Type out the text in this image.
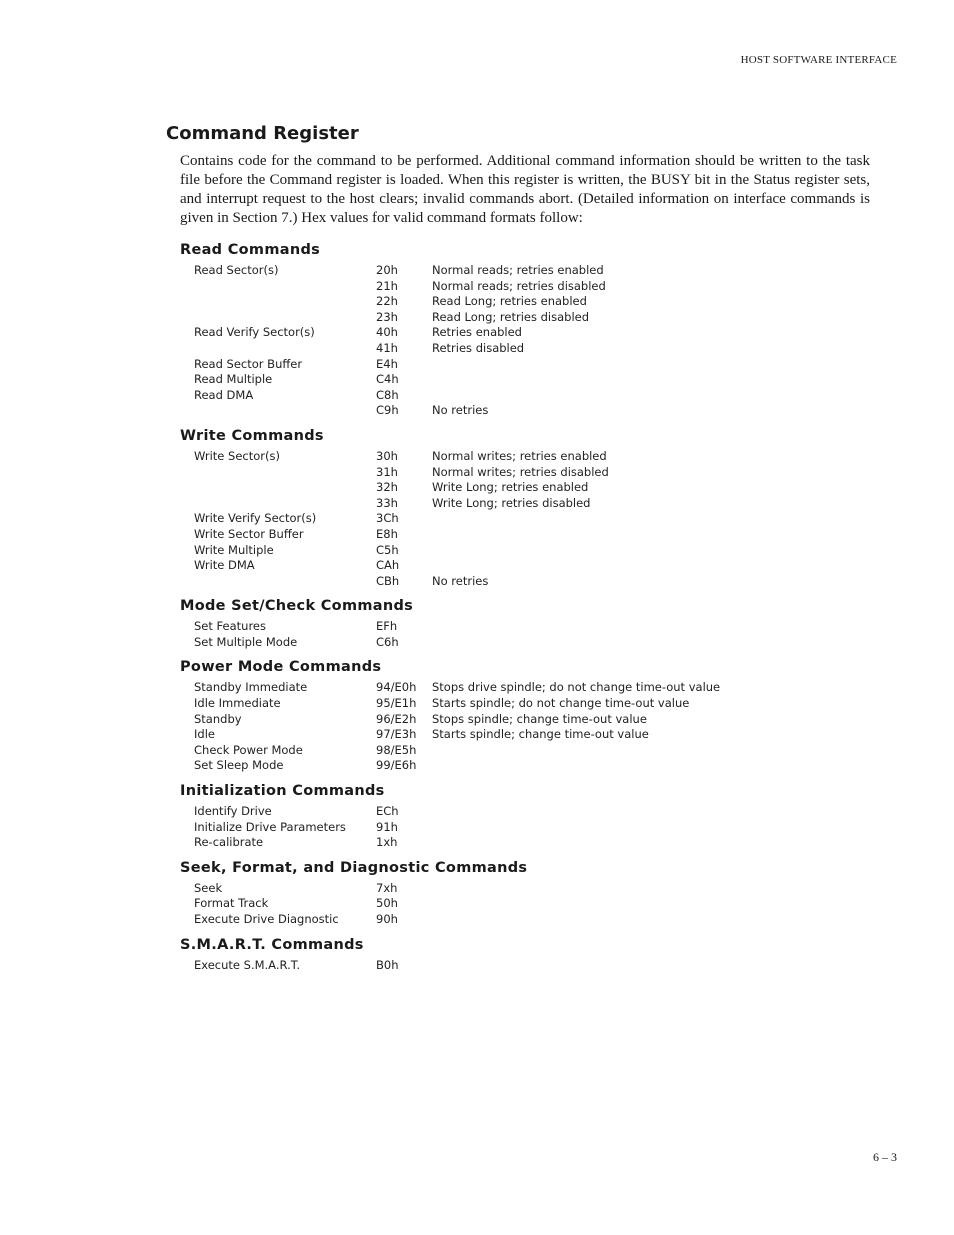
HOST SOFTWARE INTERFACE
Command Register

Contains code for the command to be performed. Additional command information should be written to the task file before the Command register is loaded. When this register is written, the BUSY bit in the Status register sets, and interrupt request to the host clears; invalid commands abort. (Detailed information on interface commands is given in Section 7.) Hex values for valid command formats follow:

Read Commands
Read Sector(s)	20h	Normal reads; retries enabled
21h	Normal reads; retries disabled
22h	Read Long; retries enabled
23h	Read Long; retries disabled
Read Verify Sector(s)	40h	Retries enabled
41h	Retries disabled
Read Sector Buffer	E4h
Read Multiple	C4h
Read DMA	C8h
C9h	No retries
Write Commands
Write Sector(s)	30h	Normal writes; retries enabled
31h	Normal writes; retries disabled
32h	Write Long; retries enabled
33h	Write Long; retries disabled
Write Verify Sector(s)	3Ch
Write Sector Buffer	E8h
Write Multiple	C5h
Write DMA	CAh
CBh	No retries
Mode Set/Check Commands
Set Features	EFh
Set Multiple Mode	C6h
Power Mode Commands
Standby Immediate	94/E0h	Stops drive spindle; do not change time-out value
Idle Immediate	95/E1h	Starts spindle; do not change time-out value
Standby	96/E2h	Stops spindle; change time-out value
Idle	97/E3h	Starts spindle; change time-out value
Check Power Mode	98/E5h
Set Sleep Mode	99/E6h
Initialization Commands
Identify Drive	ECh
Initialize Drive Parameters	91h
Re-calibrate	1xh
Seek, Format, and Diagnostic Commands
Seek	7xh
Format Track	50h
Execute Drive Diagnostic	90h
S.M.A.R.T. Commands
Execute S.M.A.R.T.	B0h
6 – 3
